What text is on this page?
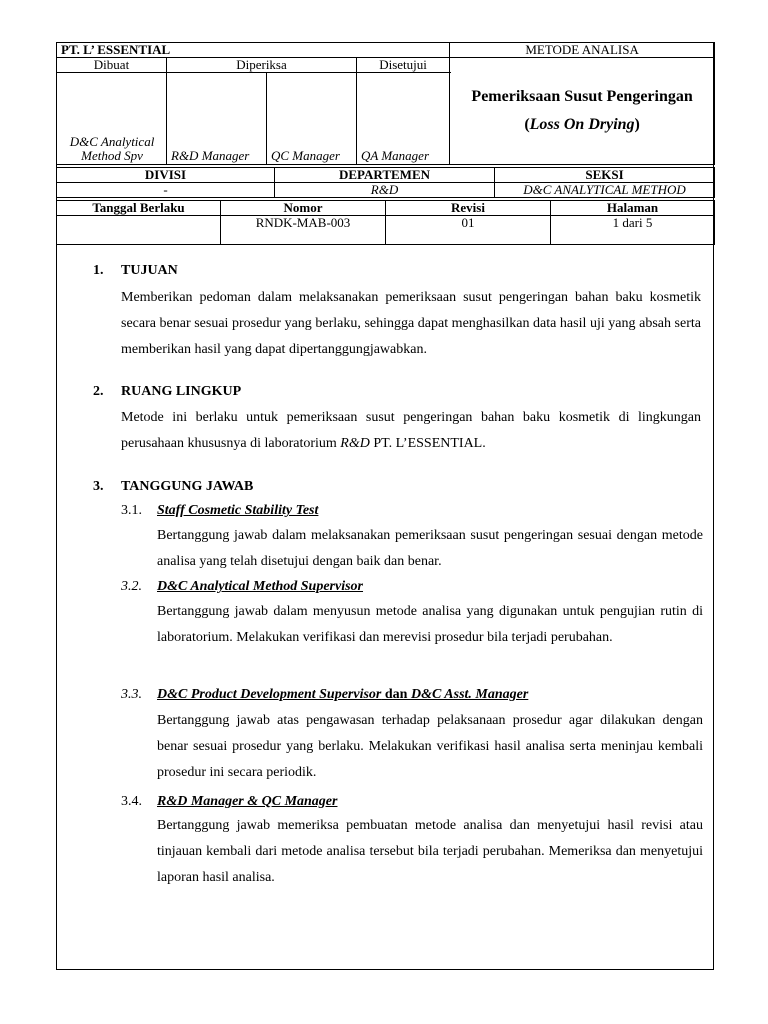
PT. L’ ESSENTIAL				METODE ANALISA
Dibuat	Diperiksa		Disetujui	Pemeriksaan Susut Pengeringan
(Loss On Drying)

D&C Analytical
Method Spv	R&D Manager	QC Manager	QA Manager	
DIVISI	DEPARTEMEN	SEKSI
-	R&D	D&C ANALYTICAL METHOD
Tanggal Berlaku	Nomor	Revisi	Halaman
	RNDK-MAB-003	01	1 dari 5
1. TUJUAN
Memberikan pedoman dalam melaksanakan pemeriksaan susut pengeringan bahan baku kosmetik secara benar sesuai prosedur yang berlaku, sehingga dapat menghasilkan data hasil uji yang absah serta memberikan hasil yang dapat dipertanggungjawabkan.
2. RUANG LINGKUP
Metode ini berlaku untuk pemeriksaan susut pengeringan bahan baku kosmetik di lingkungan perusahaan khususnya di laboratorium R&D PT. L’ESSENTIAL.
3. TANGGUNG JAWAB
3.1. Staff Cosmetic Stability Test
Bertanggung jawab dalam melaksanakan pemeriksaan susut pengeringan sesuai dengan metode analisa yang telah disetujui dengan baik dan benar.
3.2. D&C Analytical Method Supervisor
Bertanggung jawab dalam menyusun metode analisa yang digunakan untuk pengujian rutin di laboratorium. Melakukan verifikasi dan merevisi prosedur bila terjadi perubahan.
3.3. D&C Product Development Supervisor dan D&C Asst. Manager
Bertanggung jawab atas pengawasan terhadap pelaksanaan prosedur agar dilakukan dengan benar sesuai prosedur yang berlaku. Melakukan verifikasi hasil analisa serta meninjau kembali prosedur ini secara periodik.
3.4. R&D Manager & QC Manager
Bertanggung jawab memeriksa pembuatan metode analisa dan menyetujui hasil revisi atau tinjauan kembali dari metode analisa tersebut bila terjadi perubahan. Memeriksa dan menyetujui laporan hasil analisa.
